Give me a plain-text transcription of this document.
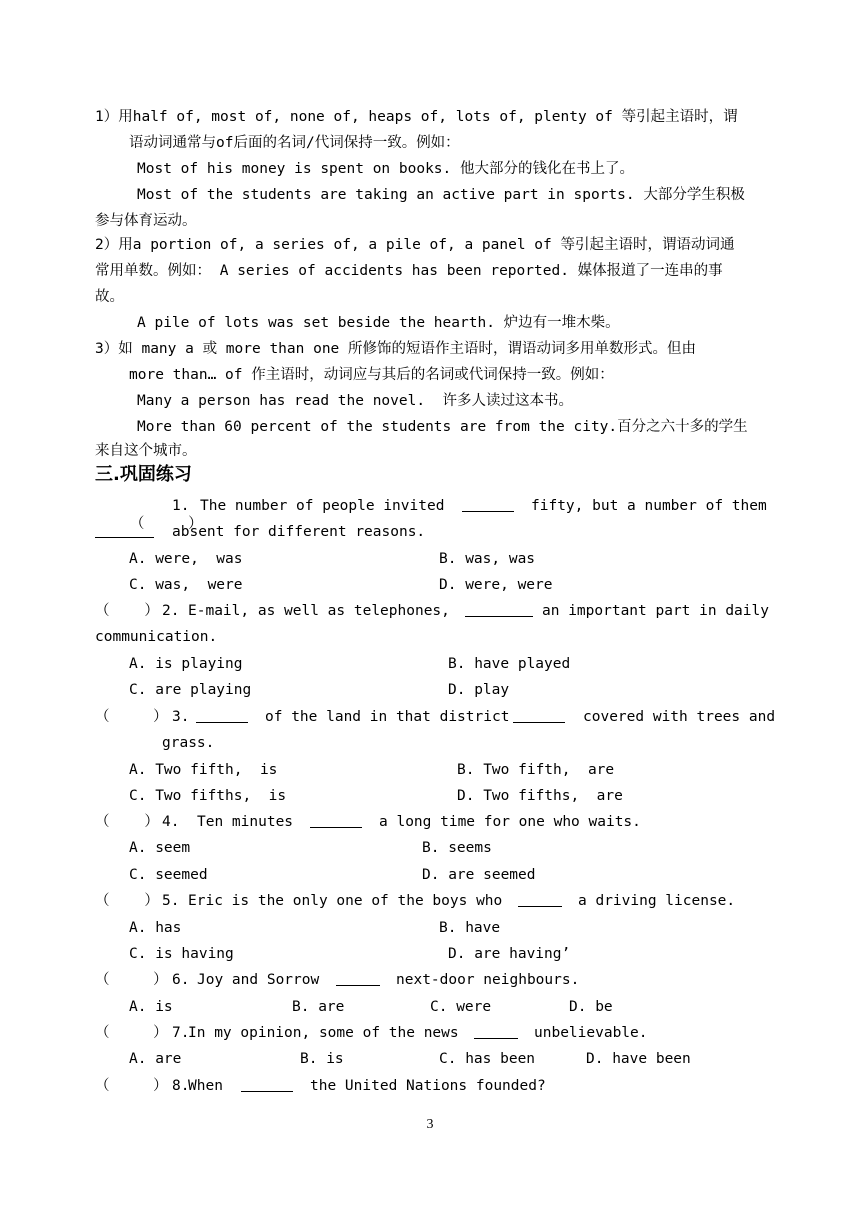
1）用half of, most of, none of, heaps of, lots of, plenty of 等引起主语时，谓
语动词通常与of后面的名词/代词保持一致。例如：
Most of his money is spent on books. 他大部分的钱化在书上了。
Most of the students are taking an active part in sports. 大部分学生积极
参与体育运动。
2）用a portion of, a series of, a pile of, a panel of 等引起主语时，谓语动词通
常用单数。例如： A series of accidents has been reported. 媒体报道了一连串的事
故。
A pile of lots was set beside the hearth. 炉边有一堆木柴。
3）如 many a 或 more than one 所修饰的短语作主语时，谓语动词多用单数形式。但由
more than… of 作主语时，动词应与其后的名词或代词保持一致。例如：
Many a person has read the novel.  许多人读过这本书。
More than 60 percent of the students are from the city.百分之六十多的学生
来自这个城市。
三.巩固练习

（     ）

1. The number of people invited	fifty, but a number of them
absent for different reasons.
A. were,  was	B. was, was
C. was,  were	D. were, were
（    ） 2. E-mail, as well as telephones,	an important part in daily
communication.
A. is playing	B. have played
C. are playing	D. play
（     ） 3.	of the land in that district	covered with trees and
grass.
A. Two fifth,  is	B. Two fifth,  are
C. Two fifths,  is	D. Two fifths,  are
（    ） 4. Ten minutes	a long time for one who waits.
A. seem	B. seems
C. seemed	D. are seemed
（    ） 5. Eric is the only one of the boys who	a driving license.
A. has	B. have
C. is having	D. are having’
（     ） 6. Joy and Sorrow	next-door neighbours.
A. is	B. are	C. were	D. be
（     ） 7.
In my opinion, some of the news	unbelievable.
A. are	B. is	C. has been	D. have been
（     ） 8.
When	the United Nations founded?
3
